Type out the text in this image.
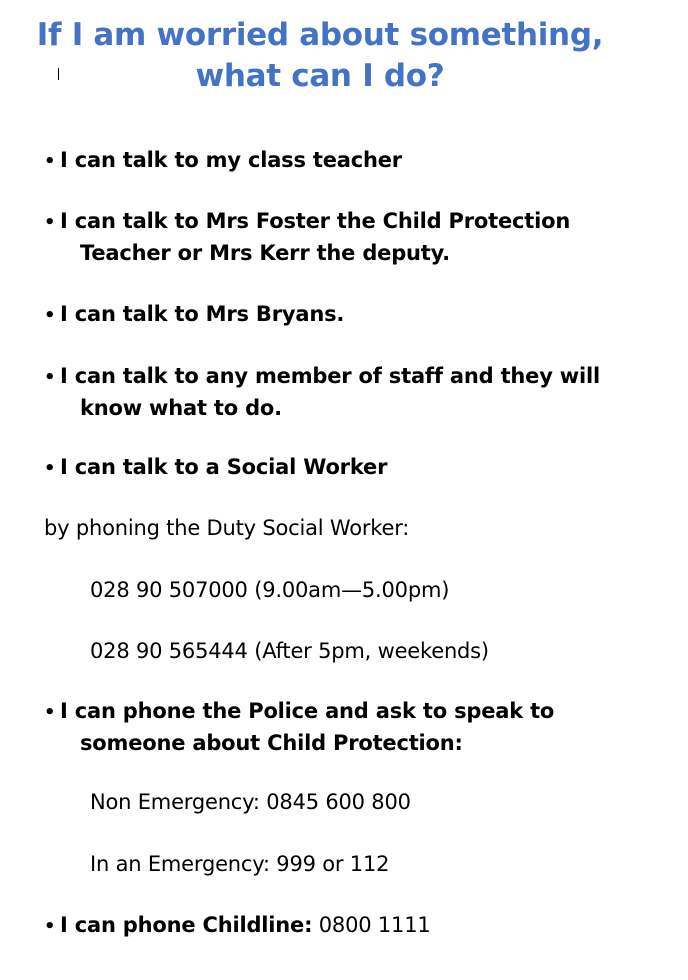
If I am worried about something,
what can I do?
• I can talk to my class teacher
• I can talk to Mrs Foster the Child Protection
Teacher or Mrs Kerr the deputy.
• I can talk to Mrs Bryans.
• I can talk to any member of staff and they will
know what to do.
• I can talk to a Social Worker
by phoning the Duty Social Worker:
028 90 507000 (9.00am—5.00pm)
028 90 565444 (After 5pm, weekends)
• I can phone the Police and ask to speak to
someone about Child Protection:
Non Emergency: 0845 600 800
In an Emergency: 999 or 112
• I can phone Childline: 0800 1111
